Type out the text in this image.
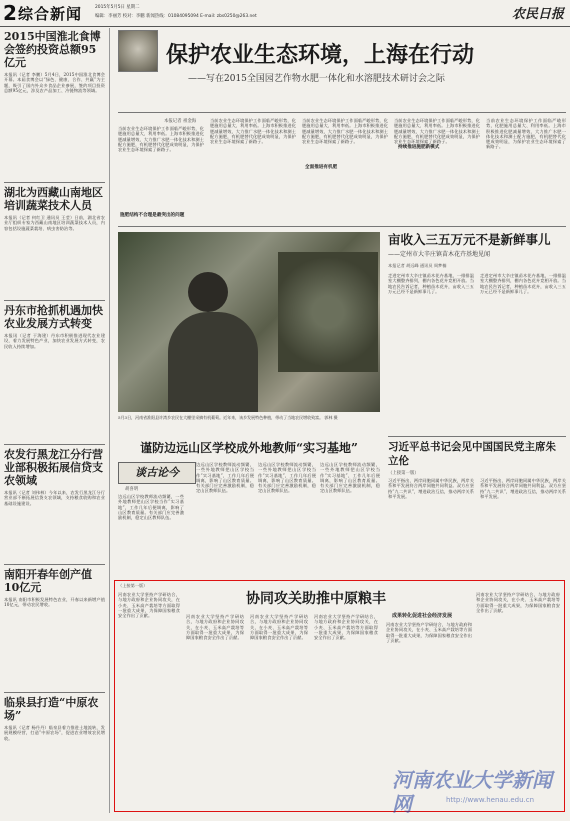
2 综合新闻	2015年5月5日 星期二
编辑：李丽芳 校对：李鹏 新闻热线：01084095094 E-mail: zbs0250@263.net	农民日报
2015中国淮北食博会签约投资总额95亿元
本报讯（记者 李鹏）5月4日，2015中国淮北食博会开幕。本届食博会以“绿色、健康、合作、共赢”为主题，吸引了国内外众多食品企业参展，签约项目投资总额95亿元，涉及农产品加工、冷链物流等领域。
湖北为西藏山南地区培训蔬菜技术人员
本报讯（记者 何红卫 通讯员 王莹）日前，湖北省农业厅组织专家为西藏山南地区培训蔬菜技术人员，内容包括设施蔬菜栽培、病虫害防治等。
丹东市抢抓机遇加快农业发展方式转变
本报讯（记者 于海建）丹东市积极推进现代农业建设，着力发展特色产业，加快农业发展方式转变，农民收入持续增加。
农发行黑龙江分行营业部积极拓展信贷支农领域
本报讯（记者 刘伟林）今年以来，农发行黑龙江分行营业部不断拓展信贷支农领域，支持粮食收购和农业基础设施建设。
南阳开春年创产值10亿元
本报讯 南阳市积极发展特色农业，开春以来新增产值10亿元，带动农民增收。
临泉县打造“中原农场”
本报讯（记者 杨丹丹）临泉县着力推进土地流转，发展规模经营，打造“中原农场”，促进农业增效农民增收。
保护农业生态环境，上海在行动
——写在2015全国园艺作物水肥一体化和水溶肥技术研讨会之际
本报记者 祖金海
当前农业生态环境保护工作面临严峻形势，化肥施用总量大、利用率低。上海市积极推进化肥减量增效，大力推广水肥一体化技术和测土配方施肥，有机肥替代化肥成效明显，为保护农业生态环境探索了新路子。
施肥结构不合理是最突出的问题
当前农业生态环境保护工作面临严峻形势，化肥施用总量大、利用率低。上海市积极推进化肥减量增效，大力推广水肥一体化技术和测土配方施肥，有机肥替代化肥成效明显，为保护农业生态环境探索了新路子。
全面推进有机肥
当前农业生态环境保护工作面临严峻形势，化肥施用总量大、利用率低。上海市积极推进化肥减量增效，大力推广水肥一体化技术和测土配方施肥，有机肥替代化肥成效明显，为保护农业生态环境探索了新路子。
持续推进施肥新模式
当前农业生态环境保护工作面临严峻形势，化肥施用总量大、利用率低。上海市积极推进化肥减量增效，大力推广水肥一体化技术和测土配方施肥，有机肥替代化肥成效明显，为保护农业生态环境探索了新路子。
当前农业生态环境保护工作面临严峻形势，化肥施用总量大、利用率低。上海市积极推进化肥减量增效，大力推广水肥一体化技术和测土配方施肥，有机肥替代化肥成效明显，为保护农业生态环境探索了新路子。
5月3日，河南省淮阳县许湾乡农民在大棚里采摘有机葡萄。近年来，该乡发展特色种植，带动了当地农民增收致富。 郭林 摄
亩收入三五万元不是新鲜事儿
——定州市大辛庄镇苗木花卉基地见闻
本报记者 胡远峰 通讯员 周梦楠
走进定州市大辛庄镇苗木花卉基地，一排排温室大棚整齐排列，棚内各色花卉竞相开放。当地农民告诉记者，种植苗木花卉，亩收入三五万元已经不是新鲜事儿了。
走进定州市大辛庄镇苗木花卉基地，一排排温室大棚整齐排列，棚内各色花卉竞相开放。当地农民告诉记者，种植苗木花卉，亩收入三五万元已经不是新鲜事儿了。
谨防边远山区学校成外地教师“实习基地”
谈古论今
胡喜明
边远山区学校教师流动频繁，一些外地教师把山区学校当作“实习基地”，工作几年后便调离，影响了山区教育质量。有关部门应完善激励机制，稳定山区教师队伍。
边远山区学校教师流动频繁，一些外地教师把山区学校当作“实习基地”，工作几年后便调离，影响了山区教育质量。有关部门应完善激励机制，稳定山区教师队伍。
边远山区学校教师流动频繁，一些外地教师把山区学校当作“实习基地”，工作几年后便调离，影响了山区教育质量。有关部门应完善激励机制，稳定山区教师队伍。
边远山区学校教师流动频繁，一些外地教师把山区学校当作“实习基地”，工作几年后便调离，影响了山区教育质量。有关部门应完善激励机制，稳定山区教师队伍。
习近平总书记会见中国国民党主席朱立伦
（上接第一版）
习近平指出，两岸同胞同属中华民族，两岸关系和平发展符合两岸同胞共同利益。双方应坚持“九二共识”，增进政治互信，推动两岸关系和平发展。
习近平指出，两岸同胞同属中华民族，两岸关系和平发展符合两岸同胞共同利益。双方应坚持“九二共识”，增进政治互信，推动两岸关系和平发展。
（上接第一版）
协同攻关助推中原粮丰
河南农业大学坚持产学研结合，与地方政府和企业协同攻关，在小麦、玉米高产栽培等方面取得一批重大成果，为保障国家粮食安全作出了贡献。	河南农业大学坚持产学研结合，与地方政府和企业协同攻关，在小麦、玉米高产栽培等方面取得一批重大成果，为保障国家粮食安全作出了贡献。
河南农业大学坚持产学研结合，与地方政府和企业协同攻关，在小麦、玉米高产栽培等方面取得一批重大成果，为保障国家粮食安全作出了贡献。
河南农业大学坚持产学研结合，与地方政府和企业协同攻关，在小麦、玉米高产栽培等方面取得一批重大成果，为保障国家粮食安全作出了贡献。
成果转化促进社会经济发展
河南农业大学坚持产学研结合，与地方政府和企业协同攻关，在小麦、玉米高产栽培等方面取得一批重大成果，为保障国家粮食安全作出了贡献。
河南农业大学坚持产学研结合，与地方政府和企业协同攻关，在小麦、玉米高产栽培等方面取得一批重大成果，为保障国家粮食安全作出了贡献。
河南农业大学新闻网	http://www.henau.edu.cn
